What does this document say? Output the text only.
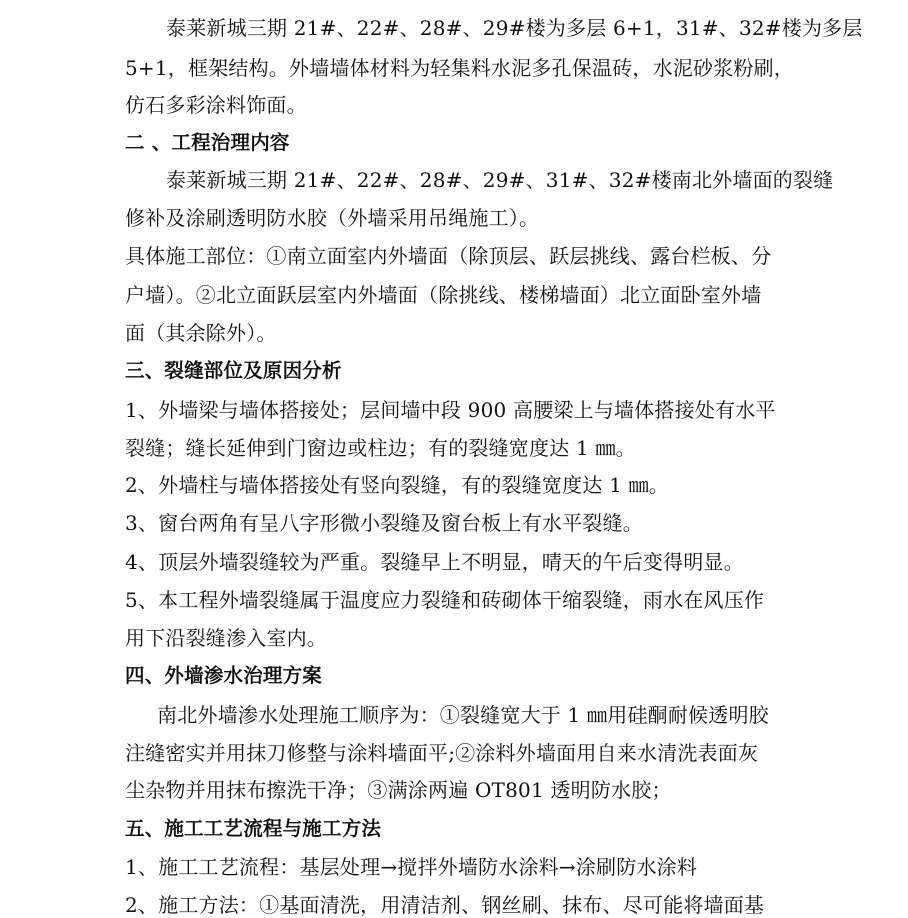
泰莱新城三期 21#、22#、28#、29#楼为多层 6+1，31#、32#楼为多层
5+1，框架结构。外墙墙体材料为轻集料水泥多孔保温砖，水泥砂浆粉刷，
仿石多彩涂料饰面。
二 、工程治理内容
泰莱新城三期 21#、22#、28#、29#、31#、32#楼南北外墙面的裂缝
修补及涂刷透明防水胶（外墙采用吊绳施工）。
具体施工部位：①南立面室内外墙面（除顶层、跃层挑线、露台栏板、分
户墙）。②北立面跃层室内外墙面（除挑线、楼梯墙面）北立面卧室外墙
面（其余除外）。
三、裂缝部位及原因分析
1、外墙梁与墙体搭接处；层间墙中段 900 高腰梁上与墙体搭接处有水平
裂缝；缝长延伸到门窗边或柱边；有的裂缝宽度达 1 ㎜。
2、外墙柱与墙体搭接处有竖向裂缝，有的裂缝宽度达 1 ㎜。
3、窗台两角有呈八字形微小裂缝及窗台板上有水平裂缝。
4、顶层外墙裂缝较为严重。裂缝早上不明显，晴天的午后变得明显。
5、本工程外墙裂缝属于温度应力裂缝和砖砌体干缩裂缝，雨水在风压作
用下沿裂缝渗入室内。
四、外墙渗水治理方案
南北外墙渗水处理施工顺序为：①裂缝宽大于 1 ㎜用硅酮耐候透明胶
注缝密实并用抹刀修整与涂料墙面平;②涂料外墙面用自来水清洗表面灰
尘杂物并用抹布擦洗干净；③满涂两遍 OT801 透明防水胶；
五、施工工艺流程与施工方法
1、施工工艺流程：基层处理→搅拌外墙防水涂料→涂刷防水涂料
2、施工方法：①基面清洗，用清洁剂、钢丝刷、抹布、尽可能将墙面基
